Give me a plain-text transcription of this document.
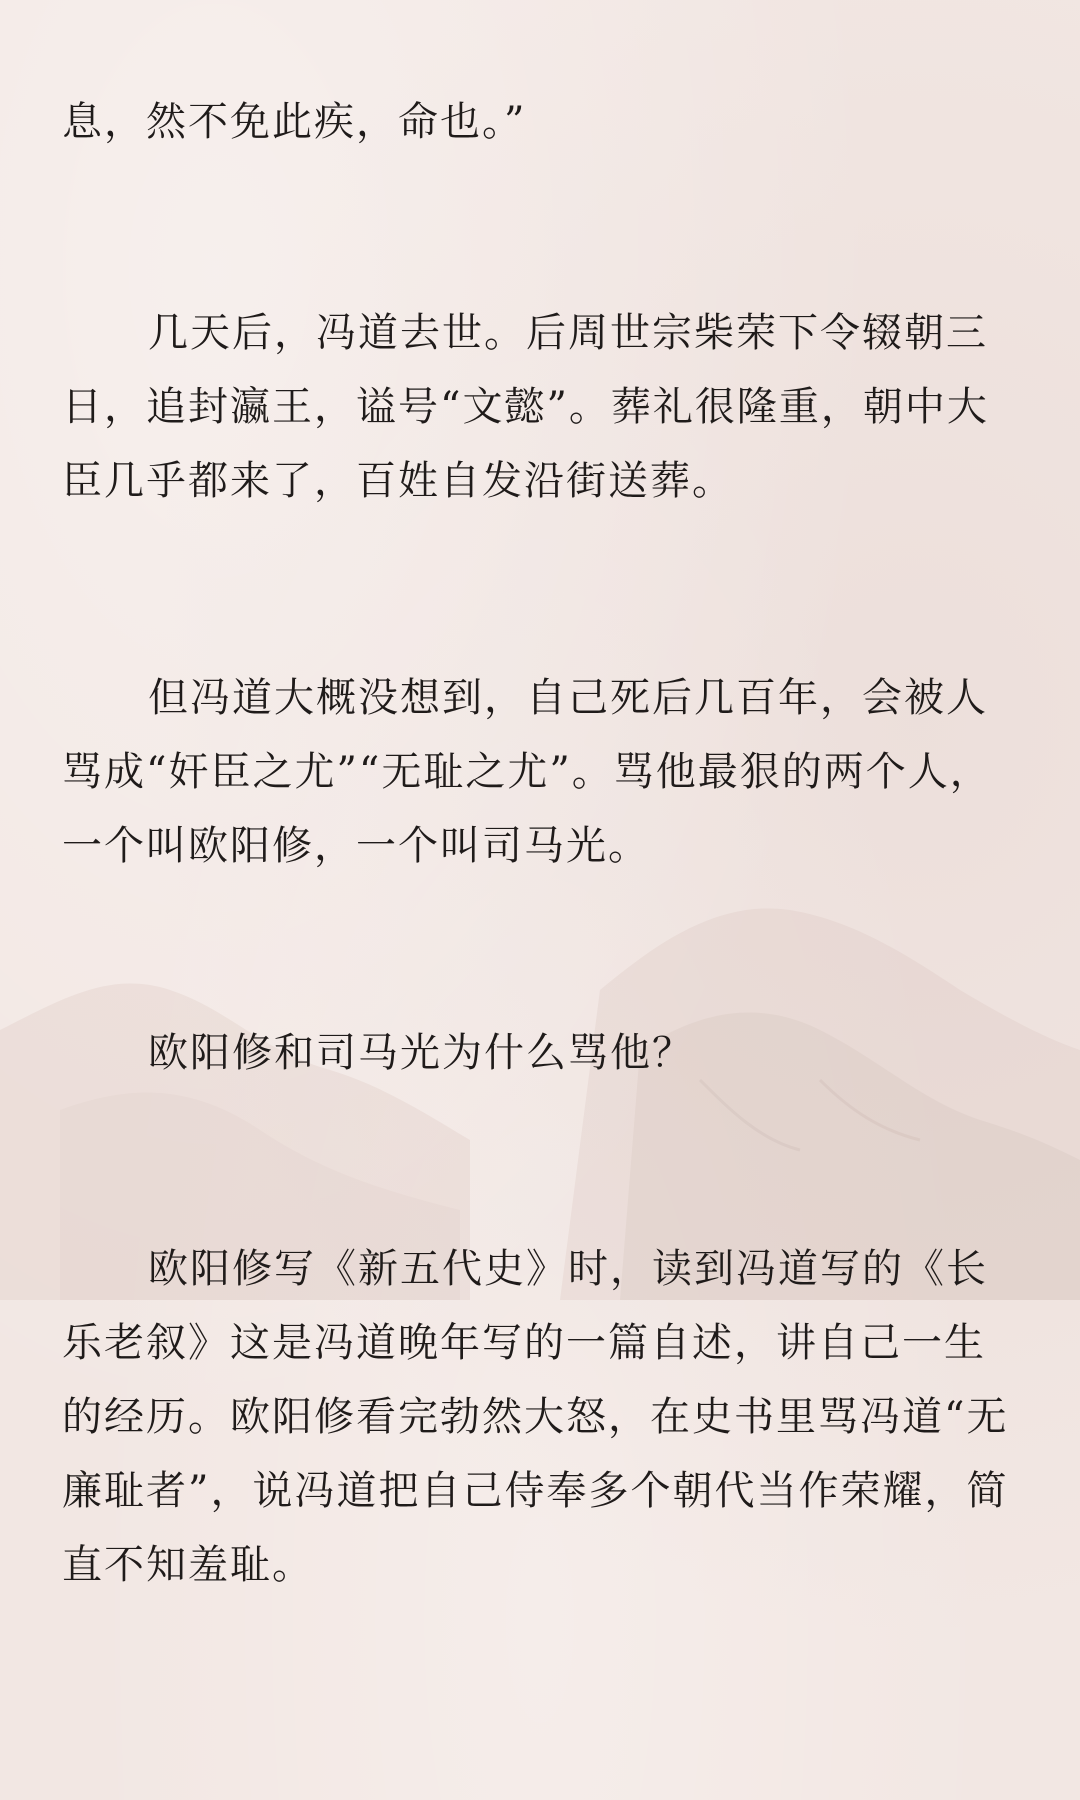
息，然不免此疾，命也。”

几天后，冯道去世。后周世宗柴荣下令辍朝三日，追封瀛王，谥号“文懿”。葬礼很隆重，朝中大臣几乎都来了，百姓自发沿街送葬。

但冯道大概没想到，自己死后几百年，会被人骂成“奸臣之尤”“无耻之尤”。骂他最狠的两个人，一个叫欧阳修，一个叫司马光。

欧阳修和司马光为什么骂他？

欧阳修写《新五代史》时，读到冯道写的《长乐老叙》这是冯道晚年写的一篇自述，讲自己一生的经历。欧阳修看完勃然大怒，在史书里骂冯道“无廉耻者”，说冯道把自己侍奉多个朝代当作荣耀，简直不知羞耻。
